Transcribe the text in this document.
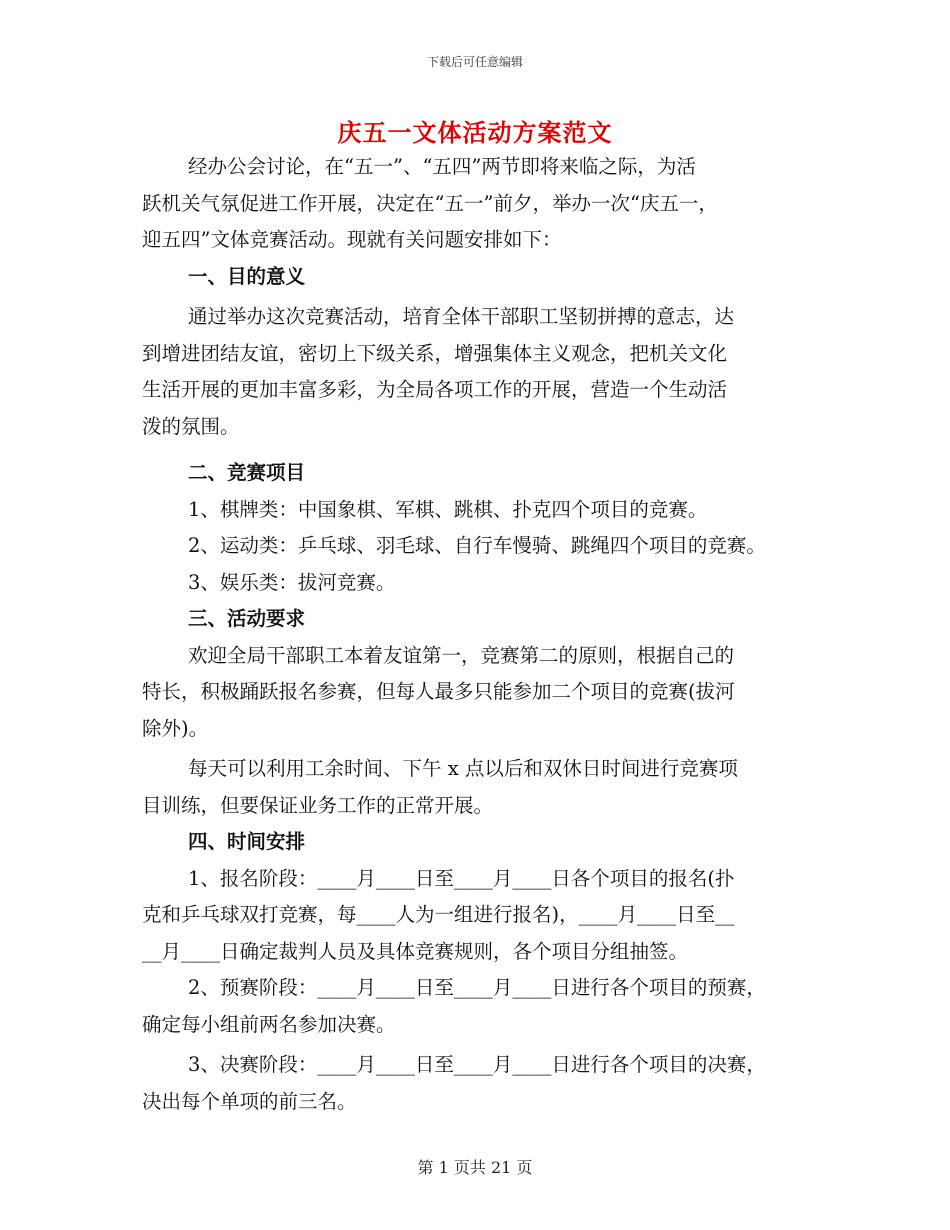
下载后可任意编辑
庆五一文体活动方案范文
经办公会讨论，在“五一”、“五四”两节即将来临之际，为活
跃机关气氛促进工作开展，决定在“五一”前夕，举办一次“庆五一，
迎五四”文体竞赛活动。现就有关问题安排如下：
一、目的意义
通过举办这次竞赛活动，培育全体干部职工坚韧拼搏的意志，达
到增进团结友谊，密切上下级关系，增强集体主义观念，把机关文化
生活开展的更加丰富多彩，为全局各项工作的开展，营造一个生动活
泼的氛围。
二、竞赛项目
1、棋牌类：中国象棋、军棋、跳棋、扑克四个项目的竞赛。
2、运动类：乒乓球、羽毛球、自行车慢骑、跳绳四个项目的竞赛。
3、娱乐类：拔河竞赛。
三、活动要求
欢迎全局干部职工本着友谊第一，竞赛第二的原则，根据自己的
特长，积极踊跃报名参赛，但每人最多只能参加二个项目的竞赛(拔河
除外)。
每天可以利用工余时间、下午 x 点以后和双休日时间进行竞赛项
目训练，但要保证业务工作的正常开展。
四、时间安排
1、报名阶段：____月____日至____月____日各个项目的报名(扑
克和乒乓球双打竞赛，每____人为一组进行报名)，____月____日至__
__月____日确定裁判人员及具体竞赛规则，各个项目分组抽签。
2、预赛阶段：____月____日至____月____日进行各个项目的预赛，
确定每小组前两名参加决赛。
3、决赛阶段：____月____日至____月____日进行各个项目的决赛，
决出每个单项的前三名。
第 1 页共 21 页
